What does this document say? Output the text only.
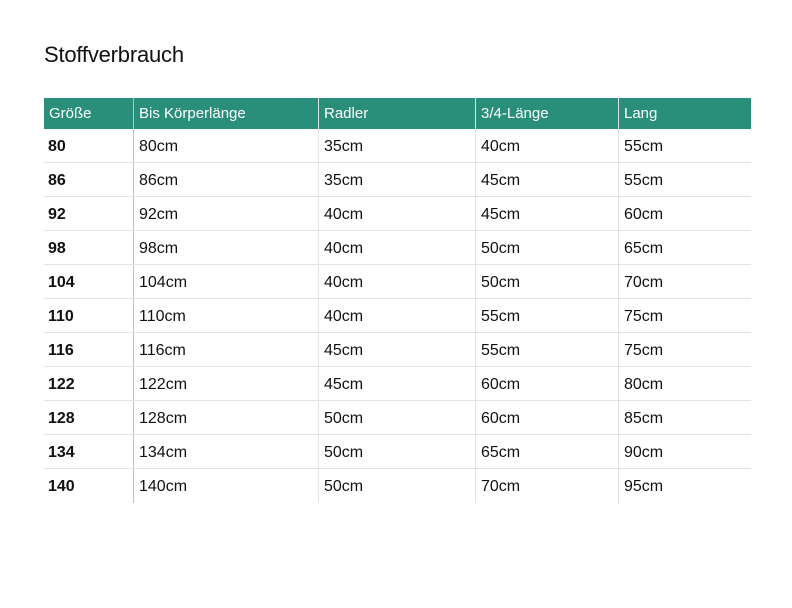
Stoffverbrauch
Größe	Bis Körperlänge	Radler	3/4-Länge	Lang
80	80cm	35cm	40cm	55cm
86	86cm	35cm	45cm	55cm
92	92cm	40cm	45cm	60cm
98	98cm	40cm	50cm	65cm
104	104cm	40cm	50cm	70cm
110	110cm	40cm	55cm	75cm
116	116cm	45cm	55cm	75cm
122	122cm	45cm	60cm	80cm
128	128cm	50cm	60cm	85cm
134	134cm	50cm	65cm	90cm
140	140cm	50cm	70cm	95cm
